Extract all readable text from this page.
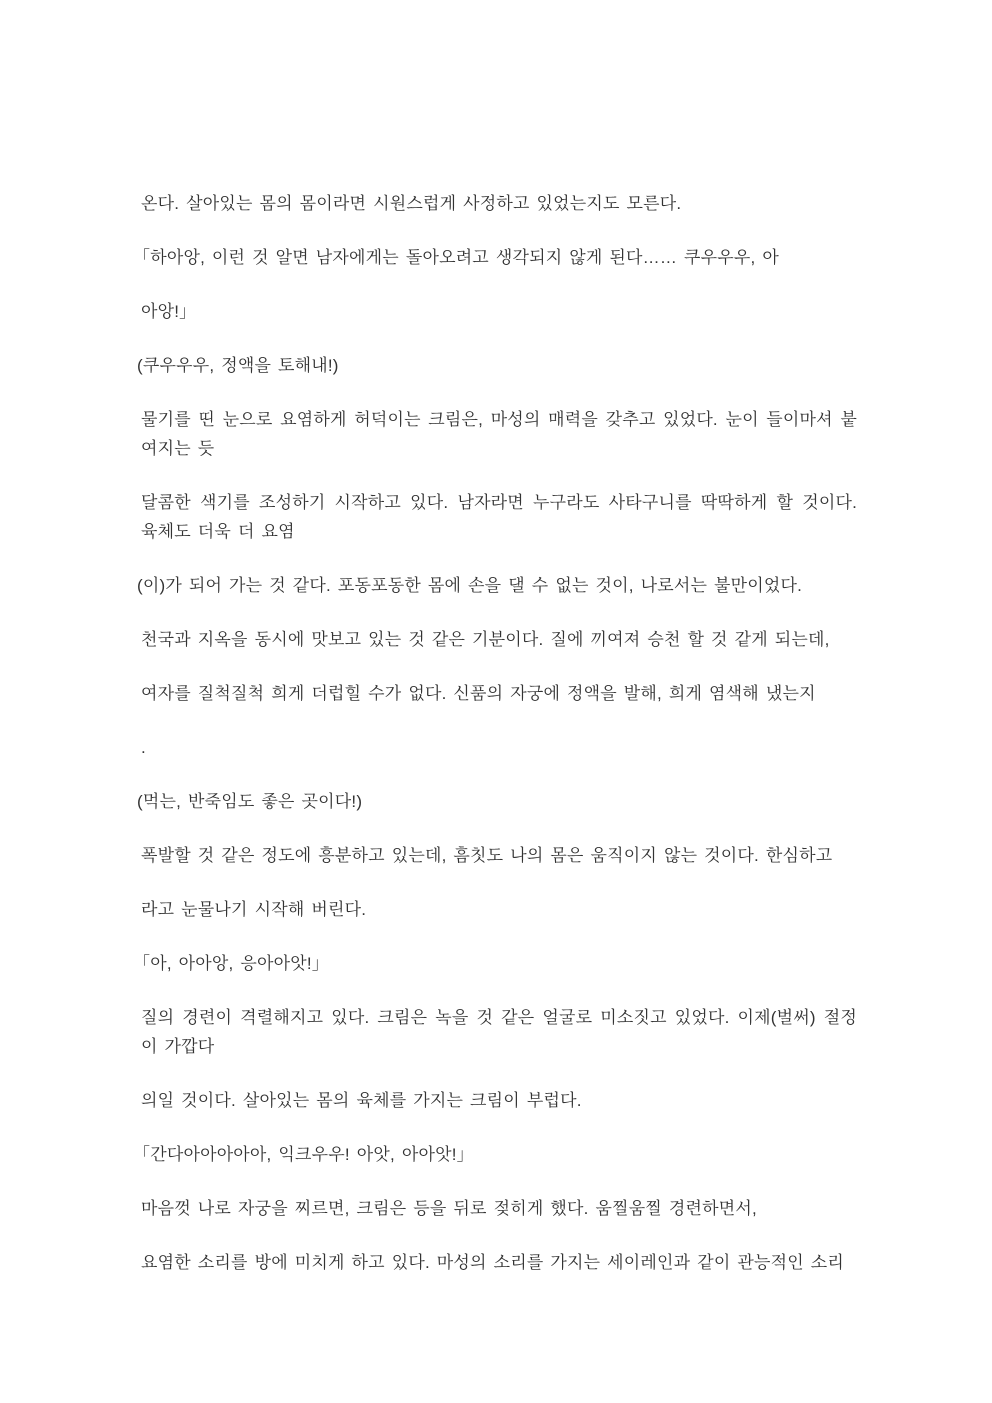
온다. 살아있는 몸의 몸이라면 시원스럽게 사정하고 있었는지도 모른다.

「하아앙, 이런 것 알면 남자에게는 돌아오려고 생각되지 않게 된다…… 쿠우우우, 아

아앙!」

(쿠우우우, 정액을 토해내!)

물기를 띤 눈으로 요염하게 허덕이는 크림은, 마성의 매력을 갖추고 있었다. 눈이 들이마셔 붙여지는 듯

달콤한 색기를 조성하기 시작하고 있다. 남자라면 누구라도 사타구니를 딱딱하게 할 것이다. 육체도 더욱 더 요염

(이)가 되어 가는 것 같다. 포동포동한 몸에 손을 댈 수 없는 것이, 나로서는 불만이었다.

천국과 지옥을 동시에 맛보고 있는 것 같은 기분이다. 질에 끼여져 승천 할 것 같게 되는데,

여자를 질척질척 희게 더럽힐 수가 없다. 신품의 자궁에 정액을 발해, 희게 염색해 냈는지

.

(먹는, 반죽임도 좋은 곳이다!)

폭발할 것 같은 정도에 흥분하고 있는데, 흠칫도 나의 몸은 움직이지 않는 것이다. 한심하고

라고 눈물나기 시작해 버린다.

「아, 아아앙, 응아아앗!」

질의 경련이 격렬해지고 있다. 크림은 녹을 것 같은 얼굴로 미소짓고 있었다. 이제(벌써) 절정이 가깝다

의일 것이다. 살아있는 몸의 육체를 가지는 크림이 부럽다.

「간다아아아아아, 익크우우! 아앗, 아아앗!」

마음껏 나로 자궁을 찌르면, 크림은 등을 뒤로 젖히게 했다. 움찔움찔 경련하면서,

요염한 소리를 방에 미치게 하고 있다. 마성의 소리를 가지는 세이레인과 같이 관능적인 소리
